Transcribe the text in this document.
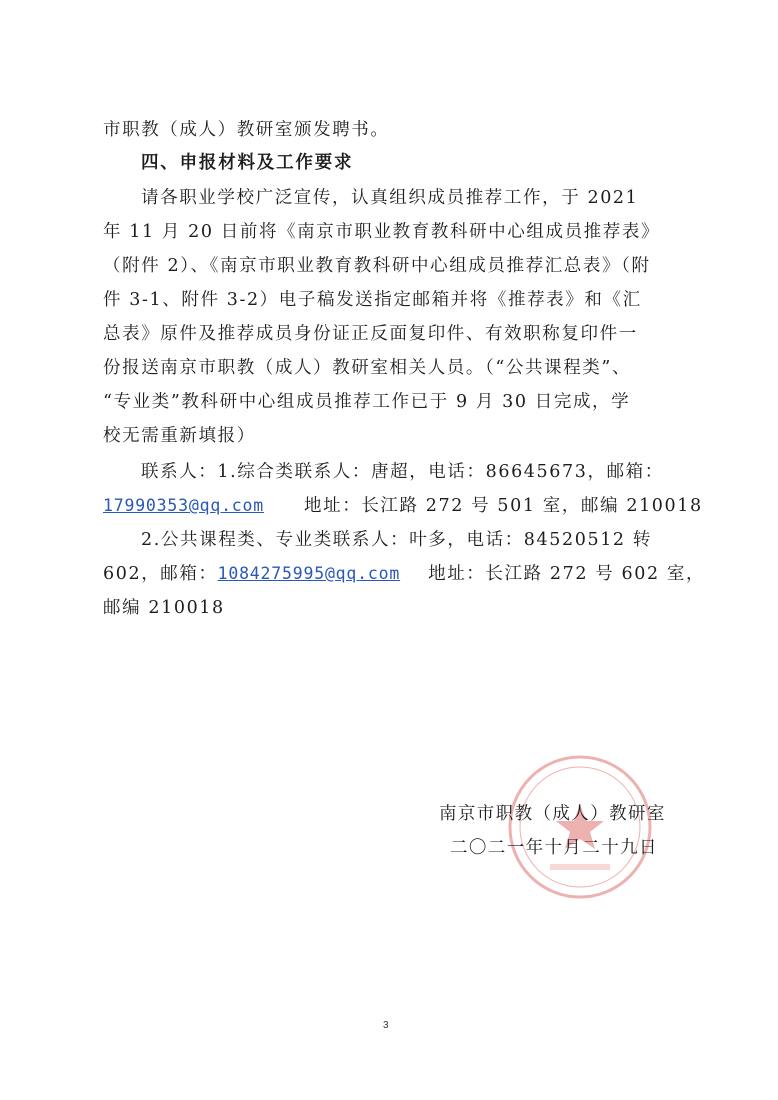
市职教（成人）教研室颁发聘书。
四、申报材料及工作要求
请各职业学校广泛宣传，认真组织成员推荐工作，于 2021
年 11 月 20 日前将《南京市职业教育教科研中心组成员推荐表》
（附件 2）、《南京市职业教育教科研中心组成员推荐汇总表》（附
件 3-1、附件 3-2）电子稿发送指定邮箱并将《推荐表》和《汇
总表》原件及推荐成员身份证正反面复印件、有效职称复印件一
份报送南京市职教（成人）教研室相关人员。（“公共课程类”、
“专业类”教科研中心组成员推荐工作已于 9 月 30 日完成，学
校无需重新填报）
联系人：1.综合类联系人：唐超，电话：86645673，邮箱：
17990353@qq.com 地址：长江路 272 号 501 室，邮编 210018
2.公共课程类、专业类联系人：叶多，电话：84520512 转
602，邮箱：1084275995@qq.com 地址：长江路 272 号 602 室，
邮编 210018
南京市职教（成人）教研室
二〇二一年十月二十九日
3
